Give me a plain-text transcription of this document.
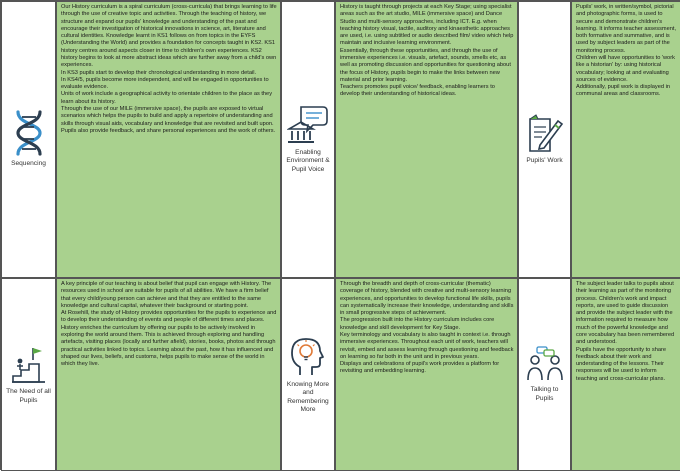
Sequencing

Our History curriculum is a spiral curriculum (cross-curricula) that brings learning to life through the use of creative topic and activities. Through the teaching of history, we structure and expand our pupils' knowledge and understanding of the past and encourage their investigation of historical innovations in science, art, literature and cultural identities. Knowledge learnt in KS1 follows on from topics in the EYFS (Understanding the World) and provides a foundation for concepts taught in KS2. KS1 history centres around aspects closer in time to children's own experiences. KS2 history begins to look at more abstract ideas which are further away from a child's own experiences.
In KS3 pupils start to develop their chronological understanding in more detail.
In KS4/5, pupils become more independent, and will be engaged in opportunities to evaluate evidence.
Units of work include a geographical activity to orientate children to the place as they learn about its history.
Through the use of our MILE (immersive space), the pupils are exposed to virtual scenarios which helps the pupils to build and apply a repertoire of understanding and skills through visual aids, vocabulary and knowledge that are revisited and built upon.
Pupils also provide feedback, and share personal experiences and the work of others.

Enabling Environment & Pupil Voice

History is taught through projects at each Key Stage; using specialist areas such as the art studio, MILE (immersive space) and Dance Studio and multi-sensory approaches, including ICT. E.g. when teaching history visual, tactile, auditory and kinaesthetic approaches are used, i.e. using subtitled or audio described film/ video which help maintain and inclusive learning environment.
Essentially, through these opportunities, and through the use of immersive experiences i.e. visuals, artefact, sounds, smells etc, as well as promoting discussion and opportunities for questioning about the focus of History, pupils begin to make the links between new material and prior learning.
Teachers promotes pupil voice/ feedback, enabling learners to develop their understanding of historical ideas.

Pupils' Work

Pupils' work, in written/symbol, pictorial and photographic forms, is used to secure and demonstrate children's learning. It informs teacher assessment, both formative and summative, and is used by subject leaders as part of the monitoring process.
Children will have opportunities to 'work like a historian' by: using historical vocabulary; looking at and evaluating sources of evidence.
Additionally, pupil work is displayed in communal areas and classrooms.

The Need of all Pupils

A key principle of our teaching is about belief that pupil can engage with History. The resources used in school are suitable for pupils of all abilities. We have a firm belief that every child/young person can achieve and that they are entitled to the same knowledge and cultural capital, whatever their background or starting point.
At Rosehill, the study of History provides opportunities for the pupils to experience and to develop their understanding of events and people of different times and places. History enriches the curriculum by offering our pupils to be actively involved in exploring the world around them. This is achieved through exploring and handling artefacts, visiting places (locally and further afield), stories, books, photos and through practical activities linked to topics. Learning about the past, how it has influenced and shaped our lives, beliefs, and customs, helps pupils to make sense of the world in which they live.

Knowing More and Remembering More

Through the breadth and depth of cross-curricular (thematic) coverage of history, blended with creative and multi-sensory learning experiences, and opportunities to develop functional life skills, pupils can systematically increase their knowledge, understanding and skills in small progressive steps of achievement.
The progression built into the History curriculum includes core knowledge and skill development for Key Stage.
Key terminology and vocabulary is also taught in context i.e. through immersive experiences. Throughout each unit of work, teachers will revisit, embed and assess learning through questioning and feedback on learning so far both in the unit and in previous years.
Displays and celebrations of pupil's work provides a platform for revisiting and embedding learning.

Talking to Pupils

The subject leader talks to pupils about their learning as part of the monitoring process. Children's work and impact reports, are used to guide discussion and provide the subject leader with the information required to measure how much of the powerful knowledge and core vocabulary has been remembered and understood.
Pupils have the opportunity to share feedback about their work and understanding of the lessons. Their responses will be used to inform teaching and cross-curricular plans.
